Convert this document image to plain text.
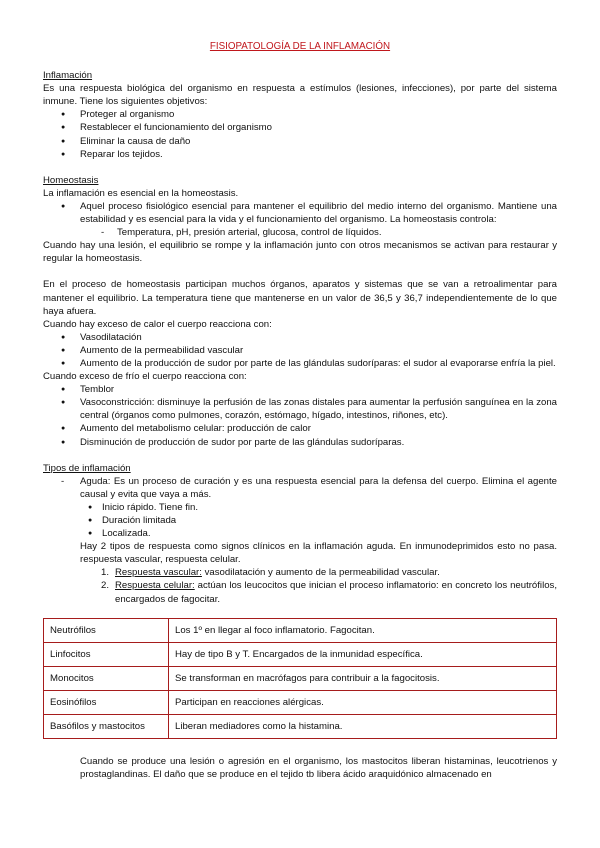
FISIOPATOLOGÍA DE LA INFLAMACIÓN
Inflamación

Es una respuesta biológica del organismo en respuesta a estímulos (lesiones, infecciones), por parte del sistema inmune. Tiene los siguientes objetivos:

● Proteger al organismo
● Restablecer el funcionamiento del organismo
● Eliminar la causa de daño
● Reparar los tejidos.
Homeostasis

La inflamación es esencial en la homeostasis.

● Aquel proceso fisiológico esencial para mantener el equilibrio del medio interno del organismo. Mantiene una estabilidad y es esencial para la vida y el funcionamiento del organismo. La homeostasis controla:
- Temperatura, pH, presión arterial, glucosa, control de líquidos.

Cuando hay una lesión, el equilibrio se rompe y la inflamación junto con otros mecanismos se activan para restaurar y regular la homeostasis.

En el proceso de homeostasis participan muchos órganos, aparatos y sistemas que se van a retroalimentar para mantener el equilibrio. La temperatura tiene que mantenerse en un valor de 36,5 y 36,7 independientemente de lo que haya afuera.

Cuando hay exceso de calor el cuerpo reacciona con:

● Vasodilatación
● Aumento de la permeabilidad vascular
● Aumento de la producción de sudor por parte de las glándulas sudoríparas: el sudor al evaporarse enfría la piel.

Cuando exceso de frío el cuerpo reacciona con:

● Temblor
● Vasoconstricción: disminuye la perfusión de las zonas distales para aumentar la perfusión sanguínea en la zona central (órganos como pulmones, corazón, estómago, hígado, intestinos, riñones, etc).
● Aumento del metabolismo celular: producción de calor
● Disminución de producción de sudor por parte de las glándulas sudoríparas.
Tipos de inflamación
- Aguda: Es un proceso de curación y es una respuesta esencial para la defensa del cuerpo. Elimina el agente causal y evita que vaya a más.
● Inicio rápido. Tiene fin.
● Duración limitada
● Localizada.
Hay 2 tipos de respuesta como signos clínicos en la inflamación aguda. En inmunodeprimidos esto no pasa. respuesta vascular, respuesta celular.
1. Respuesta vascular: vasodilatación y aumento de la permeabilidad vascular.
2. Respuesta celular: actúan los leucocitos que inician el proceso inflamatorio: en concreto los neutrófilos, encargados de fagocitar.
Neutrófilos	Los 1º en llegar al foco inflamatorio. Fagocitan.
Linfocitos	Hay de tipo B y T. Encargados de la inmunidad específica.
Monocitos	Se transforman en macrófagos para contribuir a la fagocitosis.
Eosinófilos	Participan en reacciones alérgicas.
Basófilos y mastocitos	Liberan mediadores como la histamina.
Cuando se produce una lesión o agresión en el organismo, los mastocitos liberan histaminas, leucotrienos y prostaglandinas. El daño que se produce en el tejido tb libera ácido araquidónico almacenado en
